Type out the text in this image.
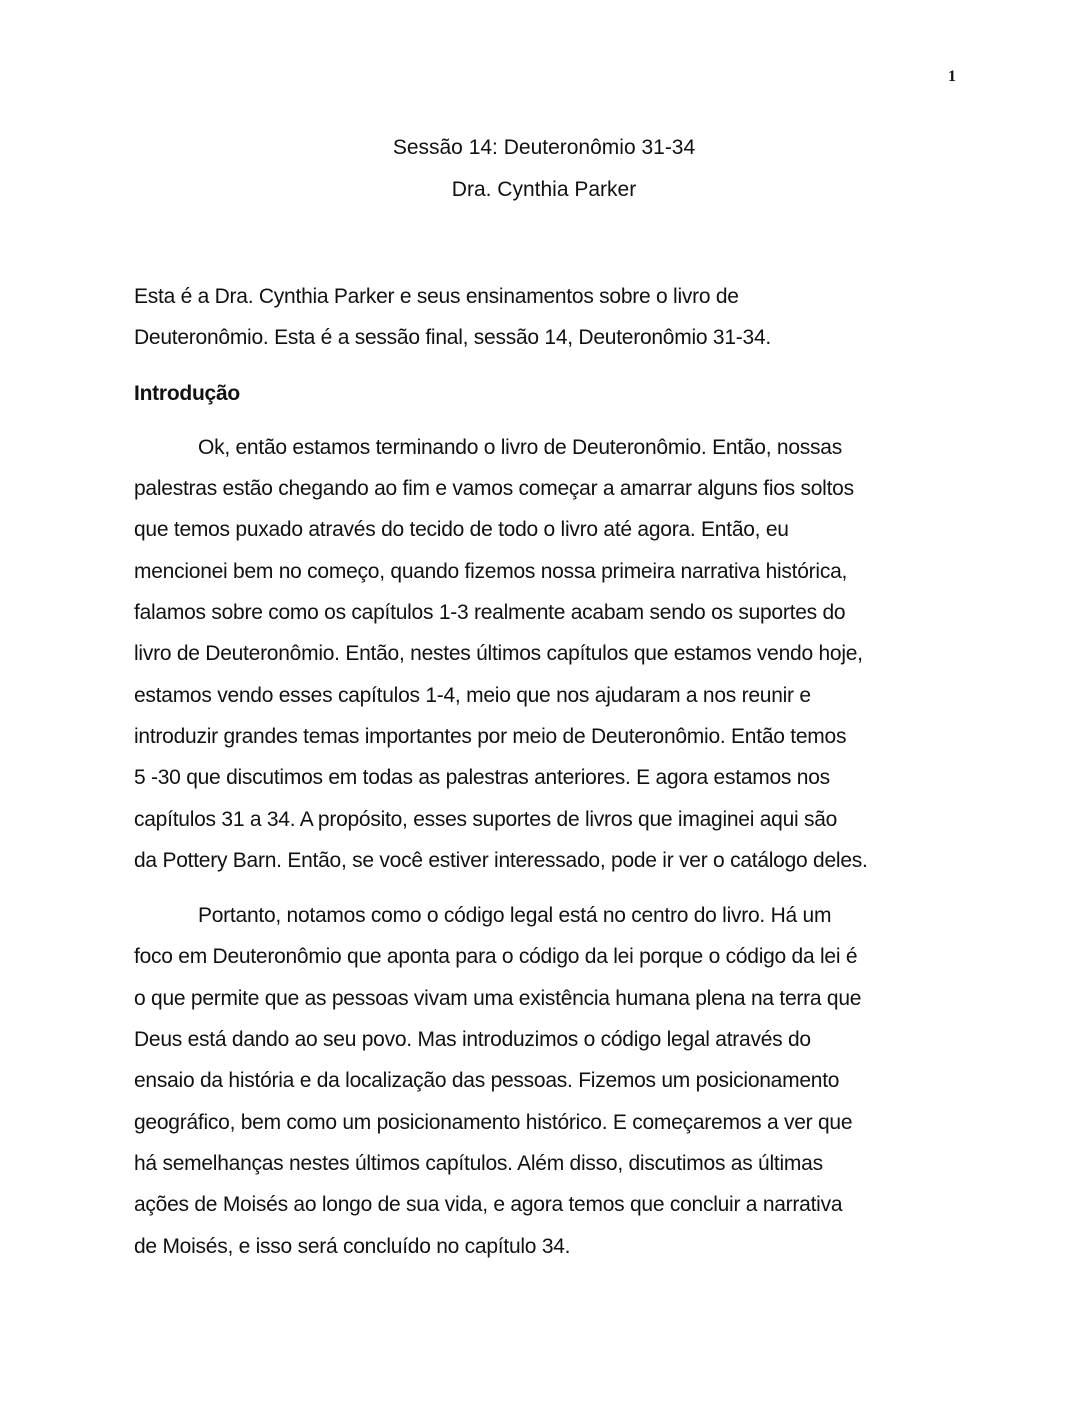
1
Sessão 14: Deuteronômio 31-34
Dra. Cynthia Parker

Esta é a Dra. Cynthia Parker e seus ensinamentos sobre o livro de
Deuteronômio. Esta é a sessão final, sessão 14, Deuteronômio 31-34.

Introdução

Ok, então estamos terminando o livro de Deuteronômio. Então, nossas
palestras estão chegando ao fim e vamos começar a amarrar alguns fios soltos
que temos puxado através do tecido de todo o livro até agora. Então, eu
mencionei bem no começo, quando fizemos nossa primeira narrativa histórica,
falamos sobre como os capítulos 1-3 realmente acabam sendo os suportes do
livro de Deuteronômio. Então, nestes últimos capítulos que estamos vendo hoje,
estamos vendo esses capítulos 1-4, meio que nos ajudaram a nos reunir e
introduzir grandes temas importantes por meio de Deuteronômio. Então temos
5 -30 que discutimos em todas as palestras anteriores. E agora estamos nos
capítulos 31 a 34. A propósito, esses suportes de livros que imaginei aqui são
da Pottery Barn. Então, se você estiver interessado, pode ir ver o catálogo deles.

Portanto, notamos como o código legal está no centro do livro. Há um
foco em Deuteronômio que aponta para o código da lei porque o código da lei é
o que permite que as pessoas vivam uma existência humana plena na terra que
Deus está dando ao seu povo. Mas introduzimos o código legal através do
ensaio da história e da localização das pessoas. Fizemos um posicionamento
geográfico, bem como um posicionamento histórico. E começaremos a ver que
há semelhanças nestes últimos capítulos. Além disso, discutimos as últimas
ações de Moisés ao longo de sua vida, e agora temos que concluir a narrativa
de Moisés, e isso será concluído no capítulo 34.
